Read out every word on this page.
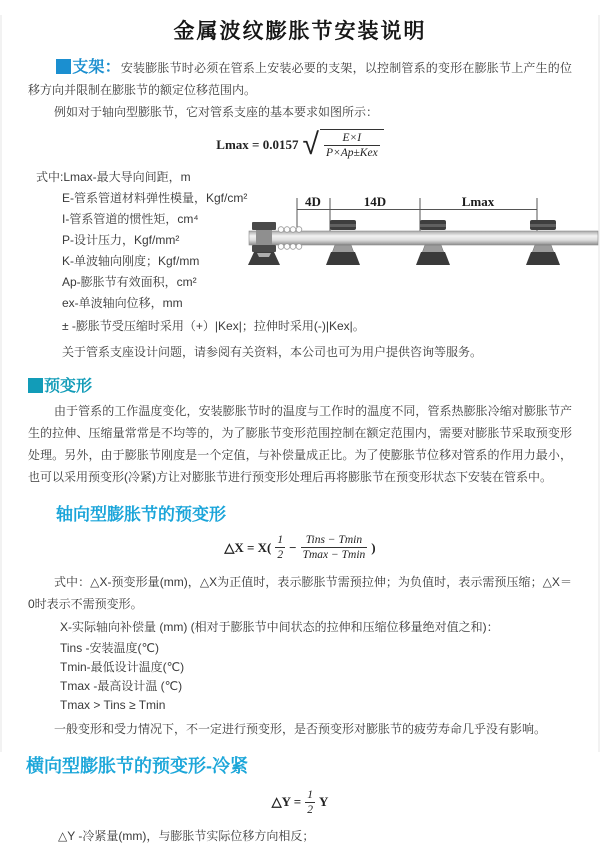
金属波纹膨胀节安装说明

支架：安装膨胀节时必须在管系上安装必要的支架，以控制管系的变形在膨胀节上产生的位移方向并限制在膨胀节的额定位移范围内。

例如对于轴向型膨胀节，它对管系支座的基本要求如图所示：

Lmax = 0.0157 √ $\frac{E\times I}{\text{P×Ap±Kex}}$
式中:Lmax-最大导向间距，m
E-管系管道材料弹性模量，Kgf/cm²
I-管系管道的惯性矩，cm⁴
P-设计压力，Kgf/mm²
K-单波轴向刚度；Kgf/mm
Ap-膨胀节有效面积，cm²
ex-单波轴向位移，mm
4D	14D	Lmax
± -膨胀节受压缩时采用（+）|Kex|；拉伸时采用(-)|Kex|。
关于管系支座设计问题，请参阅有关资料，本公司也可为用户提供咨询等服务。
预变形

由于管系的工作温度变化，安装膨胀节时的温度与工作时的温度不同，管系热膨胀冷缩对膨胀节产生的拉伸、压缩量常常是不均等的，为了膨胀节变形范围控制在额定范围内，需要对膨胀节采取预变形处理。另外，由于膨胀节刚度是一个定值，与补偿量成正比。为了使膨胀节位移对管系的作用力最小，也可以采用预变形(冷紧)方让对膨胀节进行预变形处理后再将膨胀节在预变形状态下安装在管系中。

轴向型膨胀节的预变形
△X = $X( \frac{1}{2} - \frac{\text{Tins − Tmin}}{Tmax - Tmin}$ )

式中：△X-预变形量(mm)，△X为正值时，表示膨胀节需预拉伸；为负值时，表示需预压缩；△X＝0时表示不需预变形。

X-实际轴向补偿量 (mm) (相对于膨胀节中间状态的拉伸和压缩位移量绝对值之和)：
Tins -安装温度(℃)
Tmin-最低设计温度(℃)
Tmax -最高设计温 (℃)
Tmax > Tins ≥ Tmin

一般变形和受力情况下，不一定进行预变形，是否预变形对膨胀节的疲劳寿命几乎没有影响。

横向型膨胀节的预变形-冷紧
△Y = $\frac{1}{2}$ Y
△Y -冷紧量(mm)，与膨胀节实际位移方向相反；
